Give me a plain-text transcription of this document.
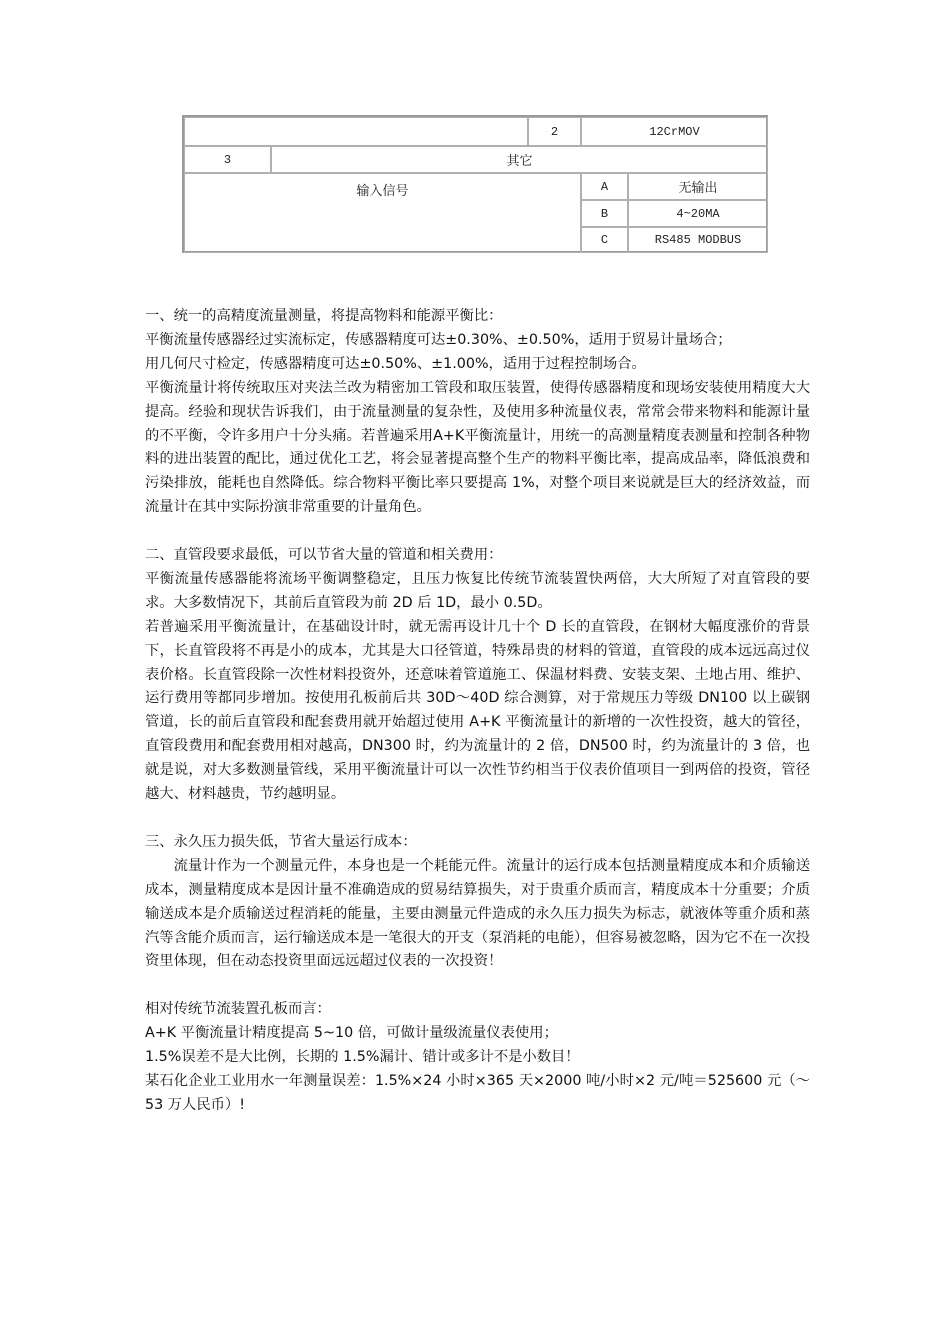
2	12CrMOV
3	其它
输入信号	A	无输出
B	4~20MA
C	RS485 MODBUS

一、统一的高精度流量测量，将提高物料和能源平衡比：

平衡流量传感器经过实流标定，传感器精度可达±0.30%、±0.50%，适用于贸易计量场合；

用几何尺寸检定，传感器精度可达±0.50%、±1.00%，适用于过程控制场合。

平衡流量计将传统取压对夹法兰改为精密加工管段和取压装置，使得传感器精度和现场安装使用精度大大提高。经验和现状告诉我们，由于流量测量的复杂性，及使用多种流量仪表，常常会带来物料和能源计量的不平衡，令许多用户十分头痛。若普遍采用A+K平衡流量计，用统一的高测量精度表测量和控制各种物料的进出装置的配比，通过优化工艺，将会显著提高整个生产的物料平衡比率，提高成品率，降低浪费和污染排放，能耗也自然降低。综合物料平衡比率只要提高 1%，对整个项目来说就是巨大的经济效益，而流量计在其中实际扮演非常重要的计量角色。

二、直管段要求最低，可以节省大量的管道和相关费用：

平衡流量传感器能将流场平衡调整稳定，且压力恢复比传统节流装置快两倍，大大所短了对直管段的要求。大多数情况下，其前后直管段为前 2D 后 1D，最小 0.5D。

若普遍采用平衡流量计，在基础设计时，就无需再设计几十个 D 长的直管段，在钢材大幅度涨价的背景下，长直管段将不再是小的成本，尤其是大口径管道，特殊昂贵的材料的管道，直管段的成本远远高过仪表价格。长直管段除一次性材料投资外，还意味着管道施工、保温材料费、安装支架、土地占用、维护、运行费用等都同步增加。按使用孔板前后共 30D～40D 综合测算，对于常规压力等级 DN100 以上碳钢管道，长的前后直管段和配套费用就开始超过使用 A+K 平衡流量计的新增的一次性投资，越大的管径，直管段费用和配套费用相对越高，DN300 时，约为流量计的 2 倍，DN500 时，约为流量计的 3 倍，也就是说，对大多数测量管线，采用平衡流量计可以一次性节约相当于仪表价值项目一到两倍的投资，管径越大、材料越贵，节约越明显。

三、永久压力损失低，节省大量运行成本：

流量计作为一个测量元件，本身也是一个耗能元件。流量计的运行成本包括测量精度成本和介质输送成本，测量精度成本是因计量不准确造成的贸易结算损失，对于贵重介质而言，精度成本十分重要；介质输送成本是介质输送过程消耗的能量，主要由测量元件造成的永久压力损失为标志，就液体等重介质和蒸汽等含能介质而言，运行输送成本是一笔很大的开支（泵消耗的电能），但容易被忽略，因为它不在一次投资里体现，但在动态投资里面远远超过仪表的一次投资！

相对传统节流装置孔板而言：

A+K 平衡流量计精度提高 5~10 倍，可做计量级流量仪表使用；

1.5%误差不是大比例，长期的 1.5%漏计、错计或多计不是小数目！

某石化企业工业用水一年测量误差：1.5%×24 小时×365 天×2000 吨/小时×2 元/吨＝525600 元（～53 万人民币）!
